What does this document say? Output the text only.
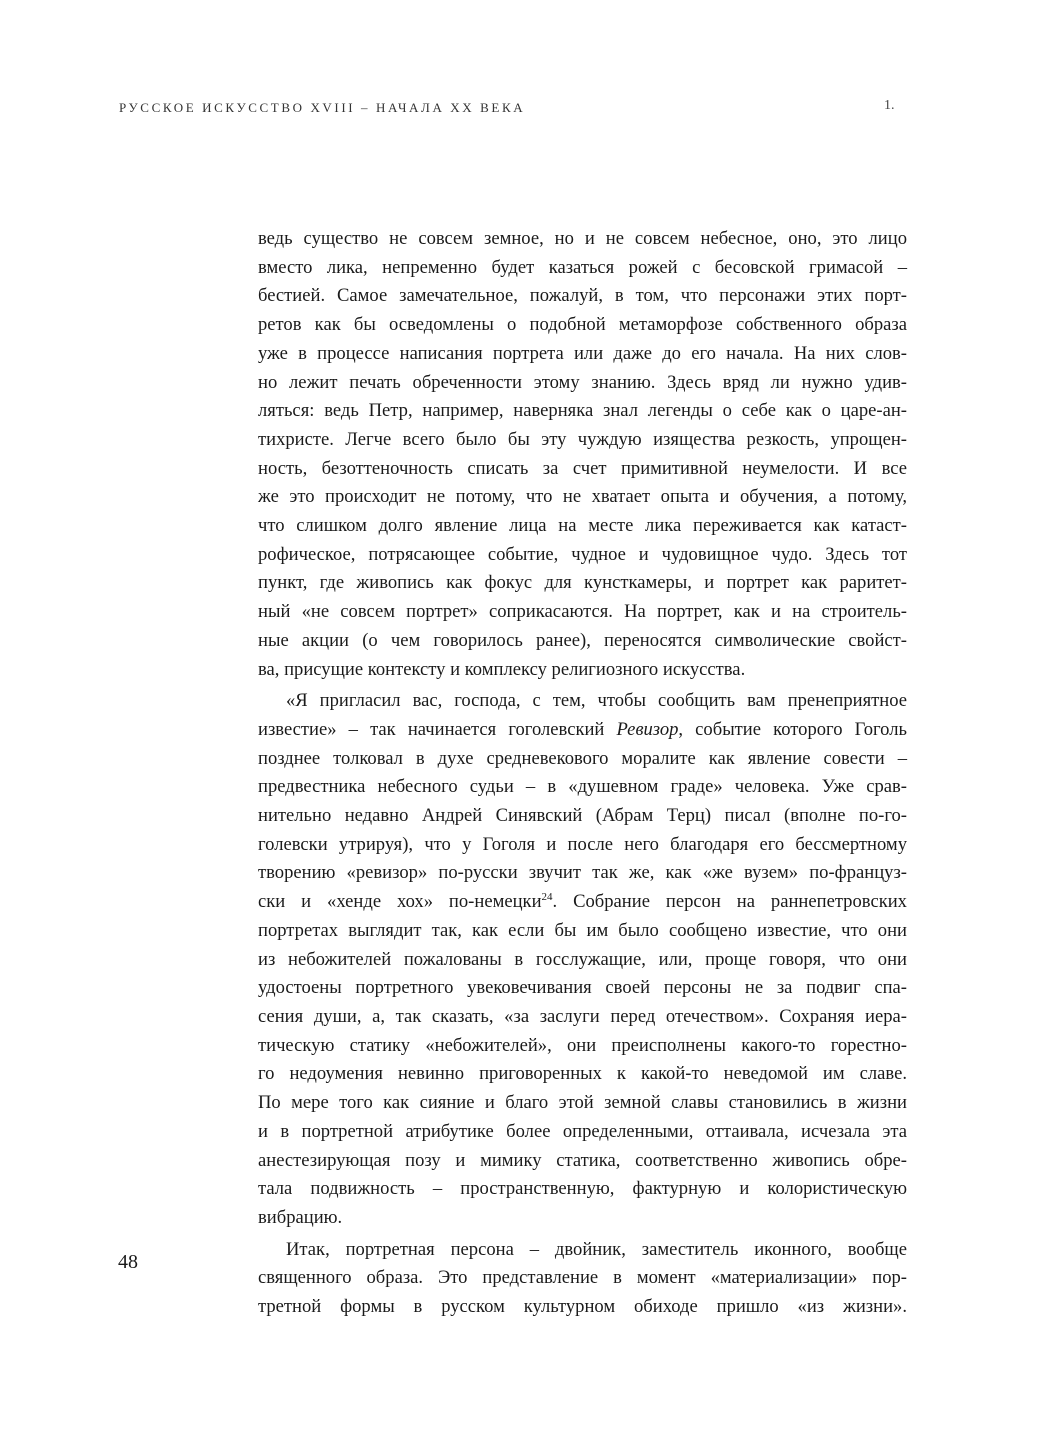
РУССКОЕ ИСКУССТВО XVIII – НАЧАЛА XX ВЕКА	1.
ведь существо не совсем земное, но и не совсем небесное, оно, это лицо
вместо лика, непременно будет казаться рожей с бесовской гримасой –
бестией. Самое замечательное, пожалуй, в том, что персонажи этих порт-
ретов как бы осведомлены о подобной метаморфозе собственного образа
уже в процессе написания портрета или даже до его начала. На них слов-
но лежит печать обреченности этому знанию. Здесь вряд ли нужно удив-
ляться: ведь Петр, например, наверняка знал легенды о себе как о царе-ан-
тихристе. Легче всего было бы эту чуждую изящества резкость, упрощен-
ность, безоттеночность списать за счет примитивной неумелости. И все
же это происходит не потому, что не хватает опыта и обучения, а потому,
что слишком долго явление лица на месте лика переживается как катаст-
рофическое, потрясающее событие, чудное и чудовищное чудо. Здесь тот
пункт, где живопись как фокус для кунсткамеры, и портрет как раритет-
ный «не совсем портрет» соприкасаются. На портрет, как и на строитель-
ные акции (о чем говорилось ранее), переносятся символические свойст-
ва, присущие контексту и комплексу религиозного искусства.
«Я пригласил вас, господа, с тем, чтобы сообщить вам пренеприятное
известие» – так начинается гоголевский Ревизор, событие которого Гоголь
позднее толковал в духе средневекового моралите как явление совести –
предвестника небесного судьи – в «душевном граде» человека. Уже срав-
нительно недавно Андрей Синявский (Абрам Терц) писал (вполне по-го-
голевски утрируя), что у Гоголя и после него благодаря его бессмертному
творению «ревизор» по-русски звучит так же, как «же вузем» по-француз-
ски и «хенде хох» по-немецки$^{24}$. Собрание персон на раннепетровских
портретах выглядит так, как если бы им было сообщено известие, что они
из небожителей пожалованы в госслужащие, или, проще говоря, что они
удостоены портретного увековечивания своей персоны не за подвиг спа-
сения души, а, так сказать, «за заслуги перед отечеством». Сохраняя иера-
тическую статику «небожителей», они преисполнены какого-то горестно-
го недоумения невинно приговоренных к какой-то неведомой им славе.
По мере того как сияние и благо этой земной славы становились в жизни
и в портретной атрибутике более определенными, оттаивала, исчезала эта
анестезирующая позу и мимику статика, соответственно живопись обре-
тала подвижность – пространственную, фактурную и колористическую
вибрацию.
Итак, портретная персона – двойник, заместитель иконного, вообще
священного образа. Это представление в момент «материализации» пор-
третной формы в русском культурном обиходе пришло «из жизни».
48
